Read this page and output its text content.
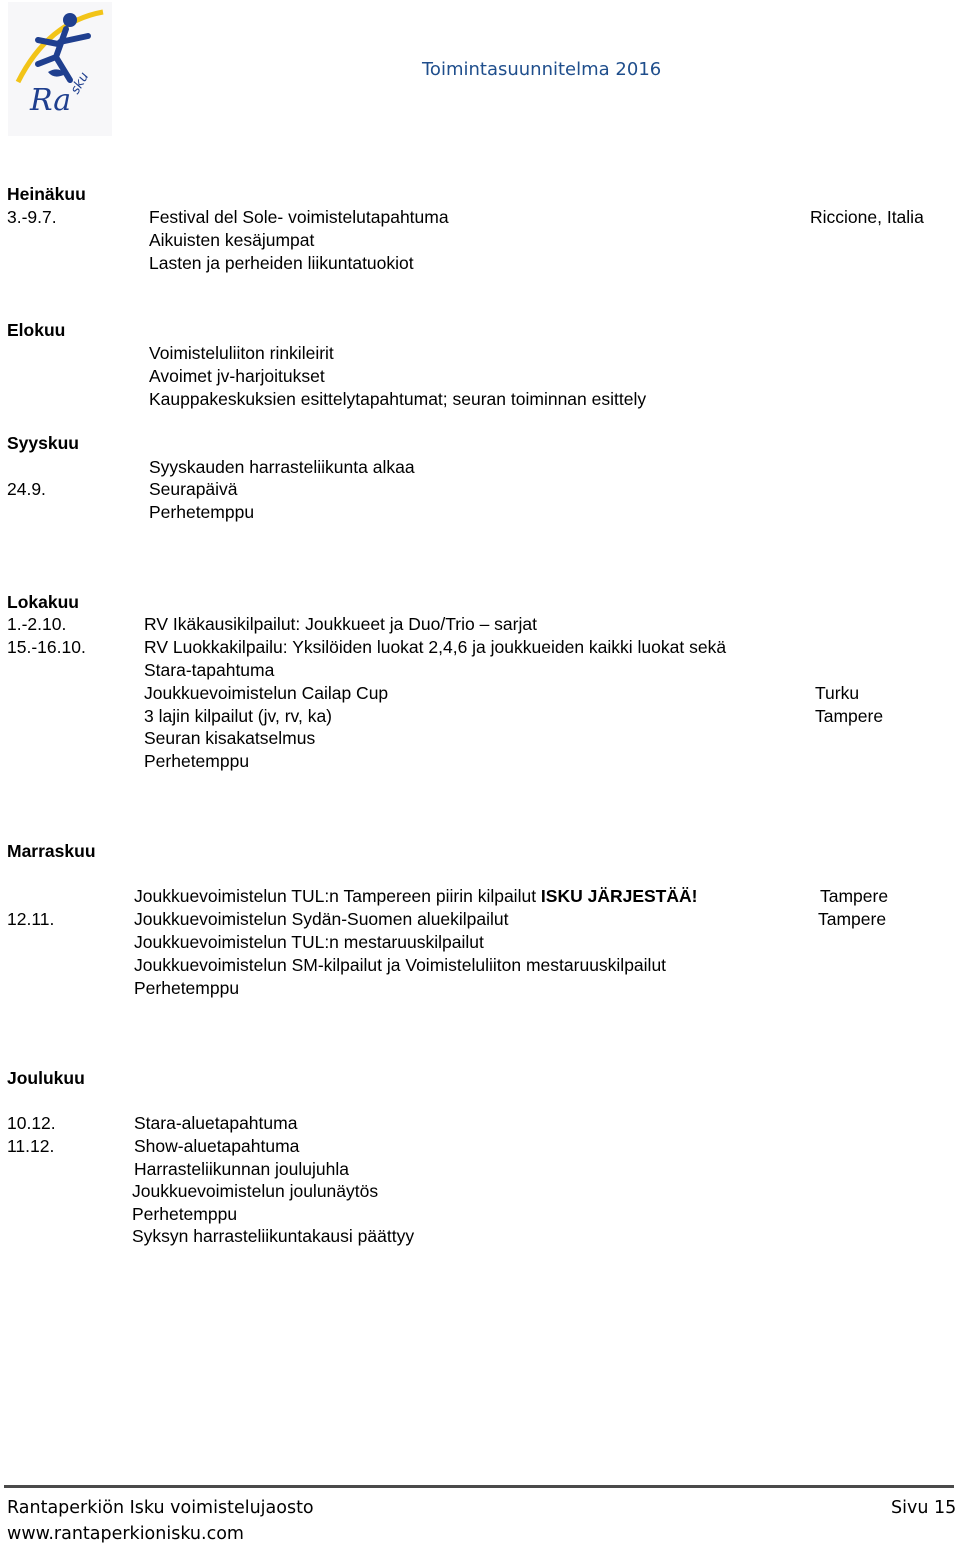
Ra
sku
Toimintasuunnitelma 2016
Heinäkuu
3.-9.7.	Festival del Sole- voimistelutapahtuma	Riccione, Italia
Aikuisten kesäjumpat
Lasten ja perheiden liikuntatuokiot
Elokuu
Voimisteluliiton rinkileirit
Avoimet jv-harjoitukset
Kauppakeskuksien esittelytapahtumat; seuran toiminnan esittely
Syyskuu
Syyskauden harrasteliikunta alkaa
24.9.	Seurapäivä
Perhetemppu
Lokakuu
1.-2.10.	RV Ikäkausikilpailut: Joukkueet ja Duo/Trio – sarjat
15.-16.10.	RV Luokkakilpailu: Yksilöiden luokat 2,4,6 ja joukkueiden kaikki luokat sekä
Stara-tapahtuma
Joukkuevoimistelun Cailap Cup	Turku
3 lajin kilpailut (jv, rv, ka)	Tampere
Seuran kisakatselmus
Perhetemppu
Marraskuu
Joukkuevoimistelun TUL:n Tampereen piirin kilpailut ISKU JÄRJESTÄÄ!	Tampere
12.11.	Joukkuevoimistelun Sydän-Suomen aluekilpailut	Tampere
Joukkuevoimistelun TUL:n mestaruuskilpailut
Joukkuevoimistelun SM-kilpailut ja Voimisteluliiton mestaruuskilpailut
Perhetemppu
Joulukuu
10.12.	Stara-aluetapahtuma
11.12.	Show-aluetapahtuma
Harrasteliikunnan joulujuhla
Joukkuevoimistelun joulunäytös
Perhetemppu
Syksyn harrasteliikuntakausi päättyy
Rantaperkiön Isku voimistelujaosto	Sivu 15
www.rantaperkionisku.com
